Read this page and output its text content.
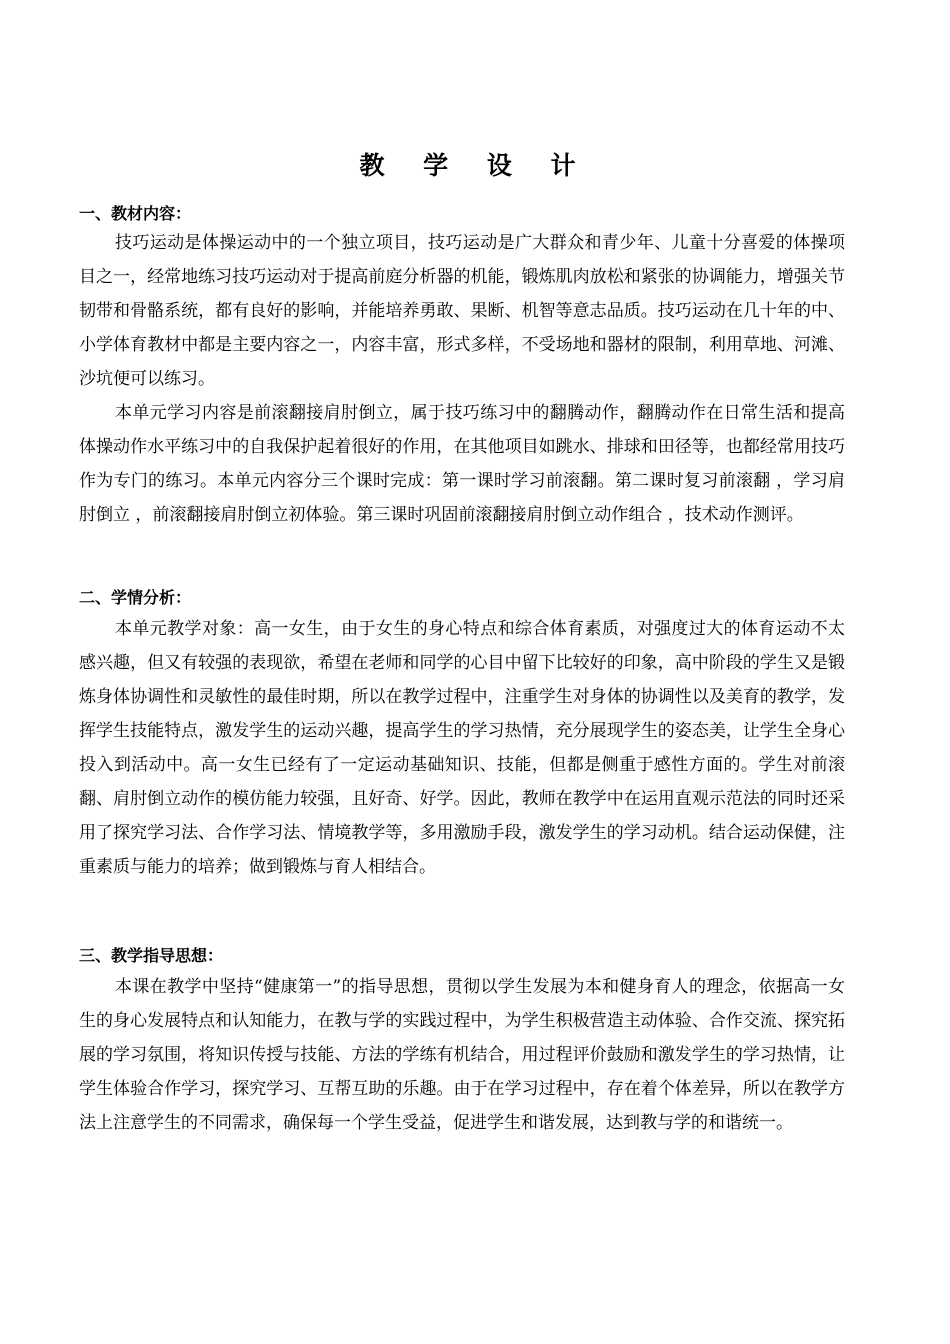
教 学 设 计
一、教材内容：

技巧运动是体操运动中的一个独立项目，技巧运动是广大群众和青少年、儿童十分喜爱的体操项目之一，经常地练习技巧运动对于提高前庭分析器的机能，锻炼肌肉放松和紧张的协调能力，增强关节韧带和骨骼系统，都有良好的影响，并能培养勇敢、果断、机智等意志品质。技巧运动在几十年的中、小学体育教材中都是主要内容之一，内容丰富，形式多样，不受场地和器材的限制，利用草地、河滩、沙坑便可以练习。

本单元学习内容是前滚翻接肩肘倒立，属于技巧练习中的翻腾动作，翻腾动作在日常生活和提高体操动作水平练习中的自我保护起着很好的作用，在其他项目如跳水、排球和田径等，也都经常用技巧作为专门的练习。本单元内容分三个课时完成：第一课时学习前滚翻。第二课时复习前滚翻 ，学习肩肘倒立 ，前滚翻接肩肘倒立初体验。第三课时巩固前滚翻接肩肘倒立动作组合 ，技术动作测评。

二、学情分析：

本单元教学对象：高一女生，由于女生的身心特点和综合体育素质，对强度过大的体育运动不太感兴趣，但又有较强的表现欲，希望在老师和同学的心目中留下比较好的印象，高中阶段的学生又是锻炼身体协调性和灵敏性的最佳时期，所以在教学过程中，注重学生对身体的协调性以及美育的教学，发挥学生技能特点，激发学生的运动兴趣，提高学生的学习热情，充分展现学生的姿态美，让学生全身心投入到活动中。高一女生已经有了一定运动基础知识、技能，但都是侧重于感性方面的。学生对前滚翻、肩肘倒立动作的模仿能力较强，且好奇、好学。因此，教师在教学中在运用直观示范法的同时还采用了探究学习法、合作学习法、情境教学等，多用激励手段，激发学生的学习动机。结合运动保健，注重素质与能力的培养；做到锻炼与育人相结合。

三、教学指导思想：

本课在教学中坚持“健康第一”的指导思想，贯彻以学生发展为本和健身育人的理念，依据高一女生的身心发展特点和认知能力，在教与学的实践过程中，为学生积极营造主动体验、合作交流、探究拓展的学习氛围，将知识传授与技能、方法的学练有机结合，用过程评价鼓励和激发学生的学习热情，让学生体验合作学习，探究学习、互帮互助的乐趣。由于在学习过程中，存在着个体差异，所以在教学方法上注意学生的不同需求，确保每一个学生受益，促进学生和谐发展，达到教与学的和谐统一。
